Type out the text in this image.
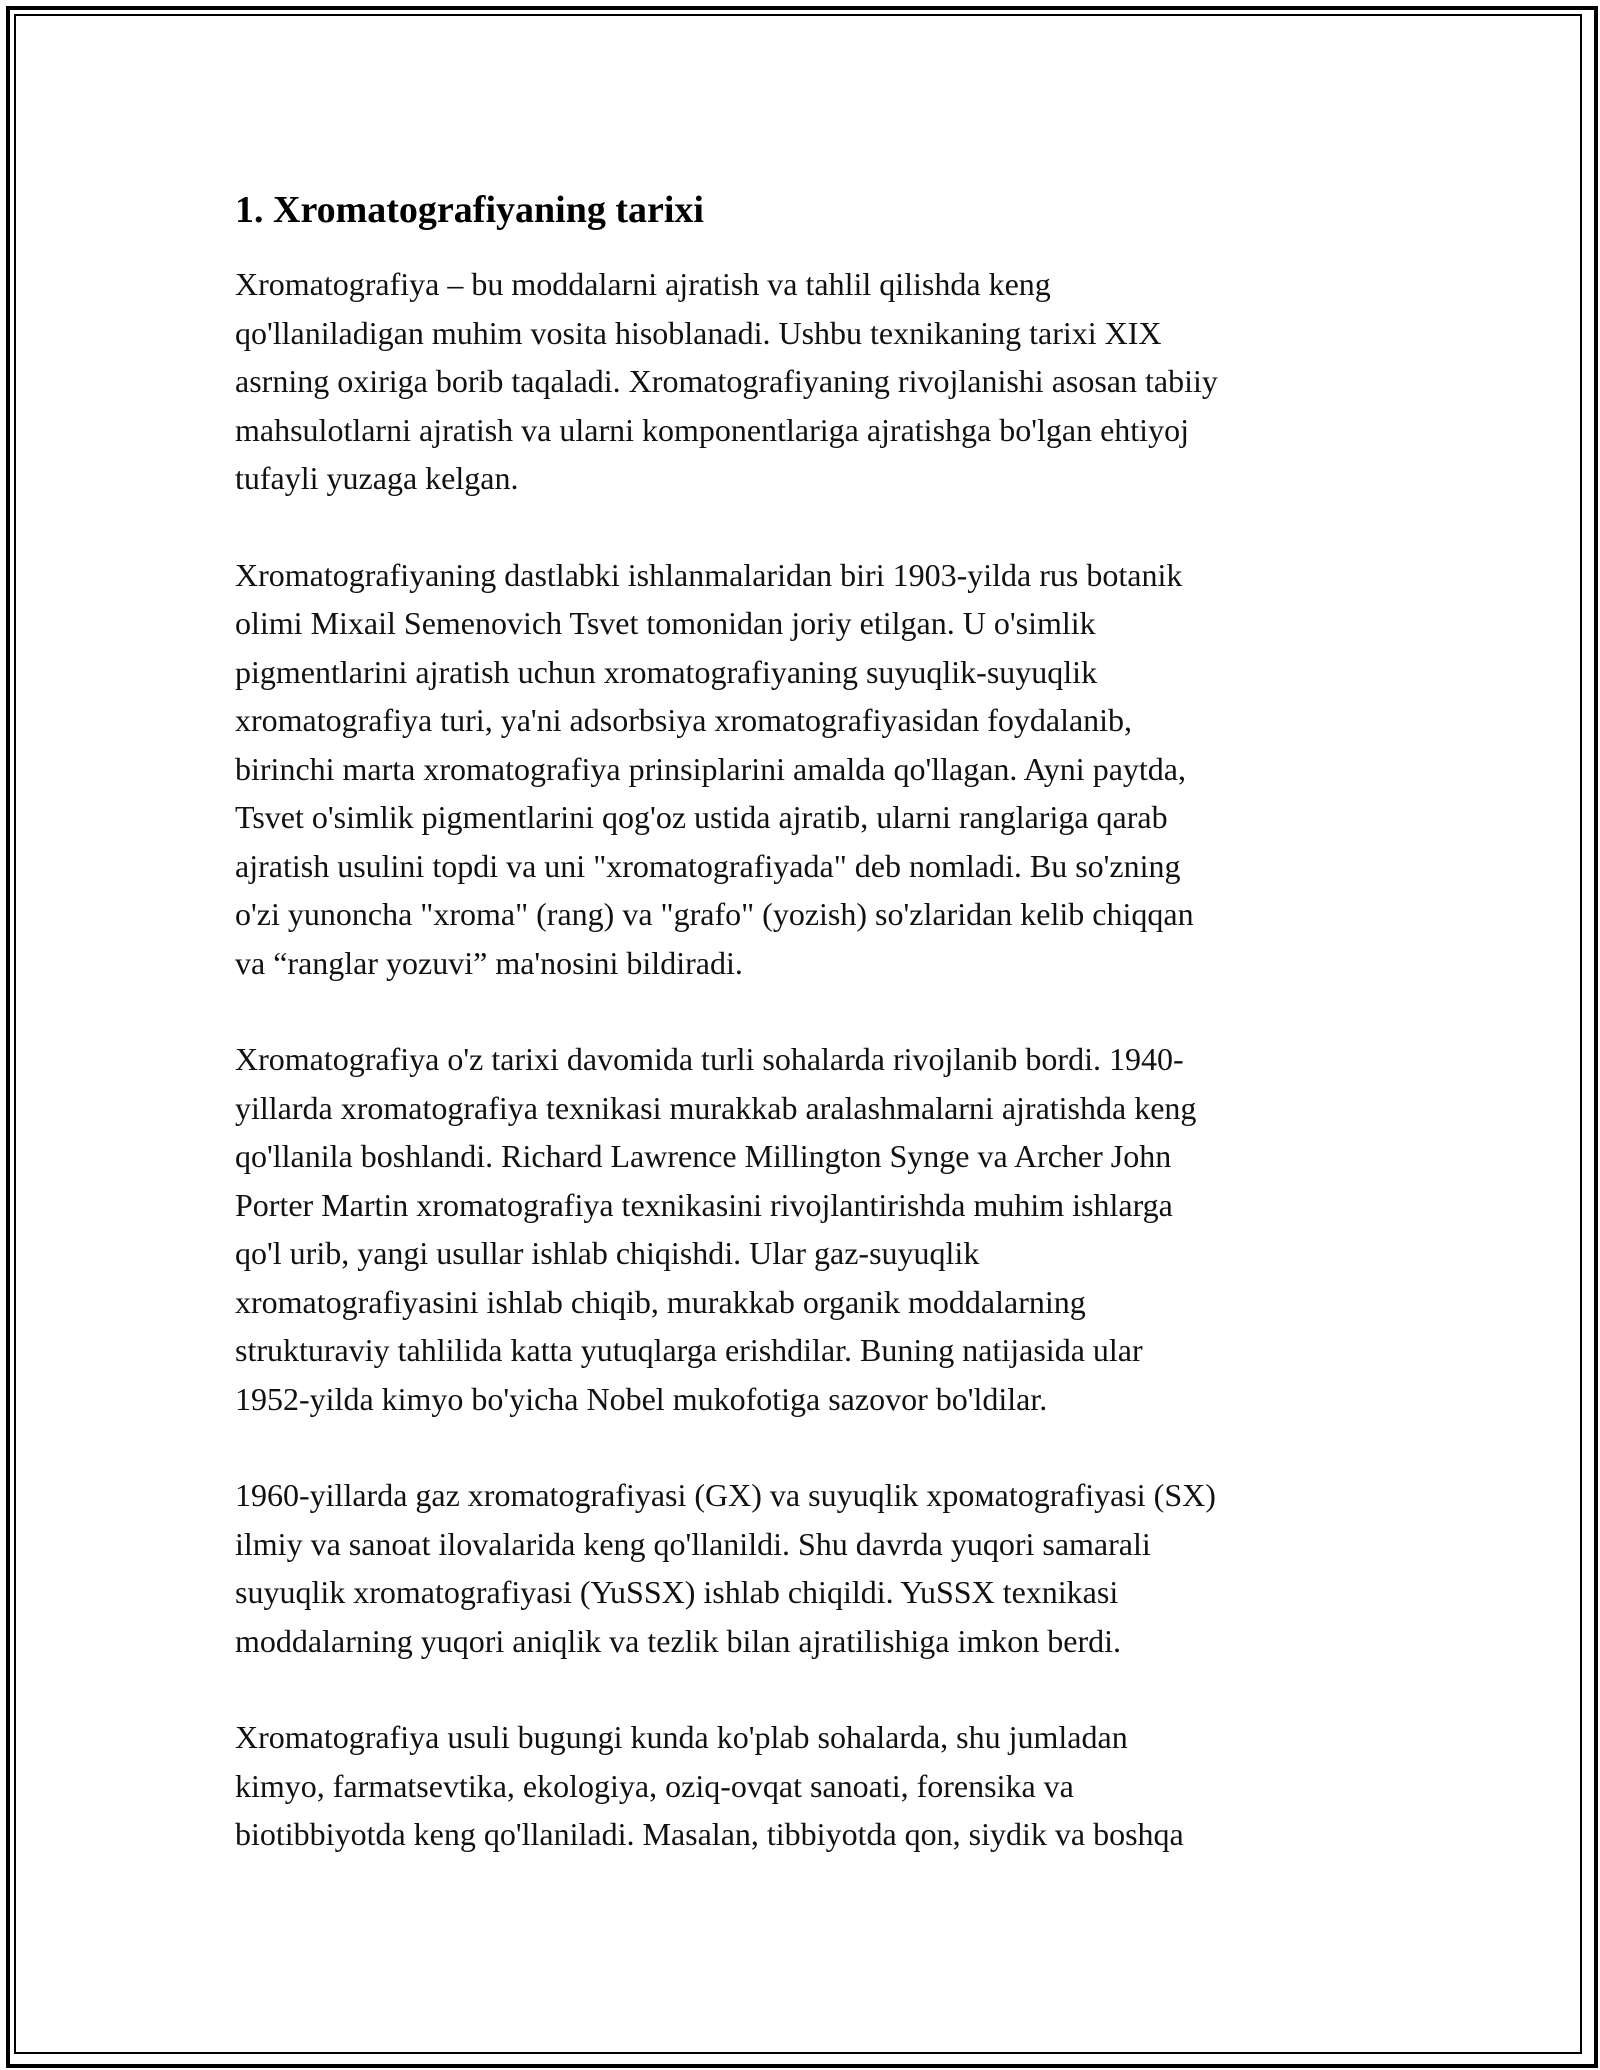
1. Xromatografiyaning tarixi

Xromatografiya – bu moddalarni ajratish va tahlil qilishda keng
qo'llaniladigan muhim vosita hisoblanadi. Ushbu texnikaning tarixi XIX
asrning oxiriga borib taqaladi. Xromatografiyaning rivojlanishi asosan tabiiy
mahsulotlarni ajratish va ularni komponentlariga ajratishga bo'lgan ehtiyoj
tufayli yuzaga kelgan.

Xromatografiyaning dastlabki ishlanmalaridan biri 1903-yilda rus botanik
olimi Mixail Semenovich Tsvet tomonidan joriy etilgan. U o'simlik
pigmentlarini ajratish uchun xromatografiyaning suyuqlik-suyuqlik
xromatografiya turi, ya'ni adsorbsiya xromatografiyasidan foydalanib,
birinchi marta xromatografiya prinsiplarini amalda qo'llagan. Ayni paytda,
Tsvet o'simlik pigmentlarini qog'oz ustida ajratib, ularni ranglariga qarab
ajratish usulini topdi va uni "xromatografiyada" deb nomladi. Bu so'zning
o'zi yunoncha "xroma" (rang) va "grafo" (yozish) so'zlaridan kelib chiqqan
va “ranglar yozuvi” ma'nosini bildiradi.

Xromatografiya o'z tarixi davomida turli sohalarda rivojlanib bordi. 1940-
yillarda xromatografiya texnikasi murakkab aralashmalarni ajratishda keng
qo'llanila boshlandi. Richard Lawrence Millington Synge va Archer John
Porter Martin xromatografiya texnikasini rivojlantirishda muhim ishlarga
qo'l urib, yangi usullar ishlab chiqishdi. Ular gaz-suyuqlik
xromatografiyasini ishlab chiqib, murakkab organik moddalarning
strukturaviy tahlilida katta yutuqlarga erishdilar. Buning natijasida ular
1952-yilda kimyo bo'yicha Nobel mukofotiga sazovor bo'ldilar.

1960-yillarda gaz xromatografiyasi (GX) va suyuqlik xpoмatografiyasi (SX)
ilmiy va sanoat ilovalarida keng qo'llanildi. Shu davrda yuqori samarali
suyuqlik xromatografiyasi (YuSSX) ishlab chiqildi. YuSSX texnikasi
moddalarning yuqori aniqlik va tezlik bilan ajratilishiga imkon berdi.

Xromatografiya usuli bugungi kunda ko'plab sohalarda, shu jumladan
kimyo, farmatsevtika, ekologiya, oziq-ovqat sanoati, forensika va
biotibbiyotda keng qo'llaniladi. Masalan, tibbiyotda qon, siydik va boshqa
